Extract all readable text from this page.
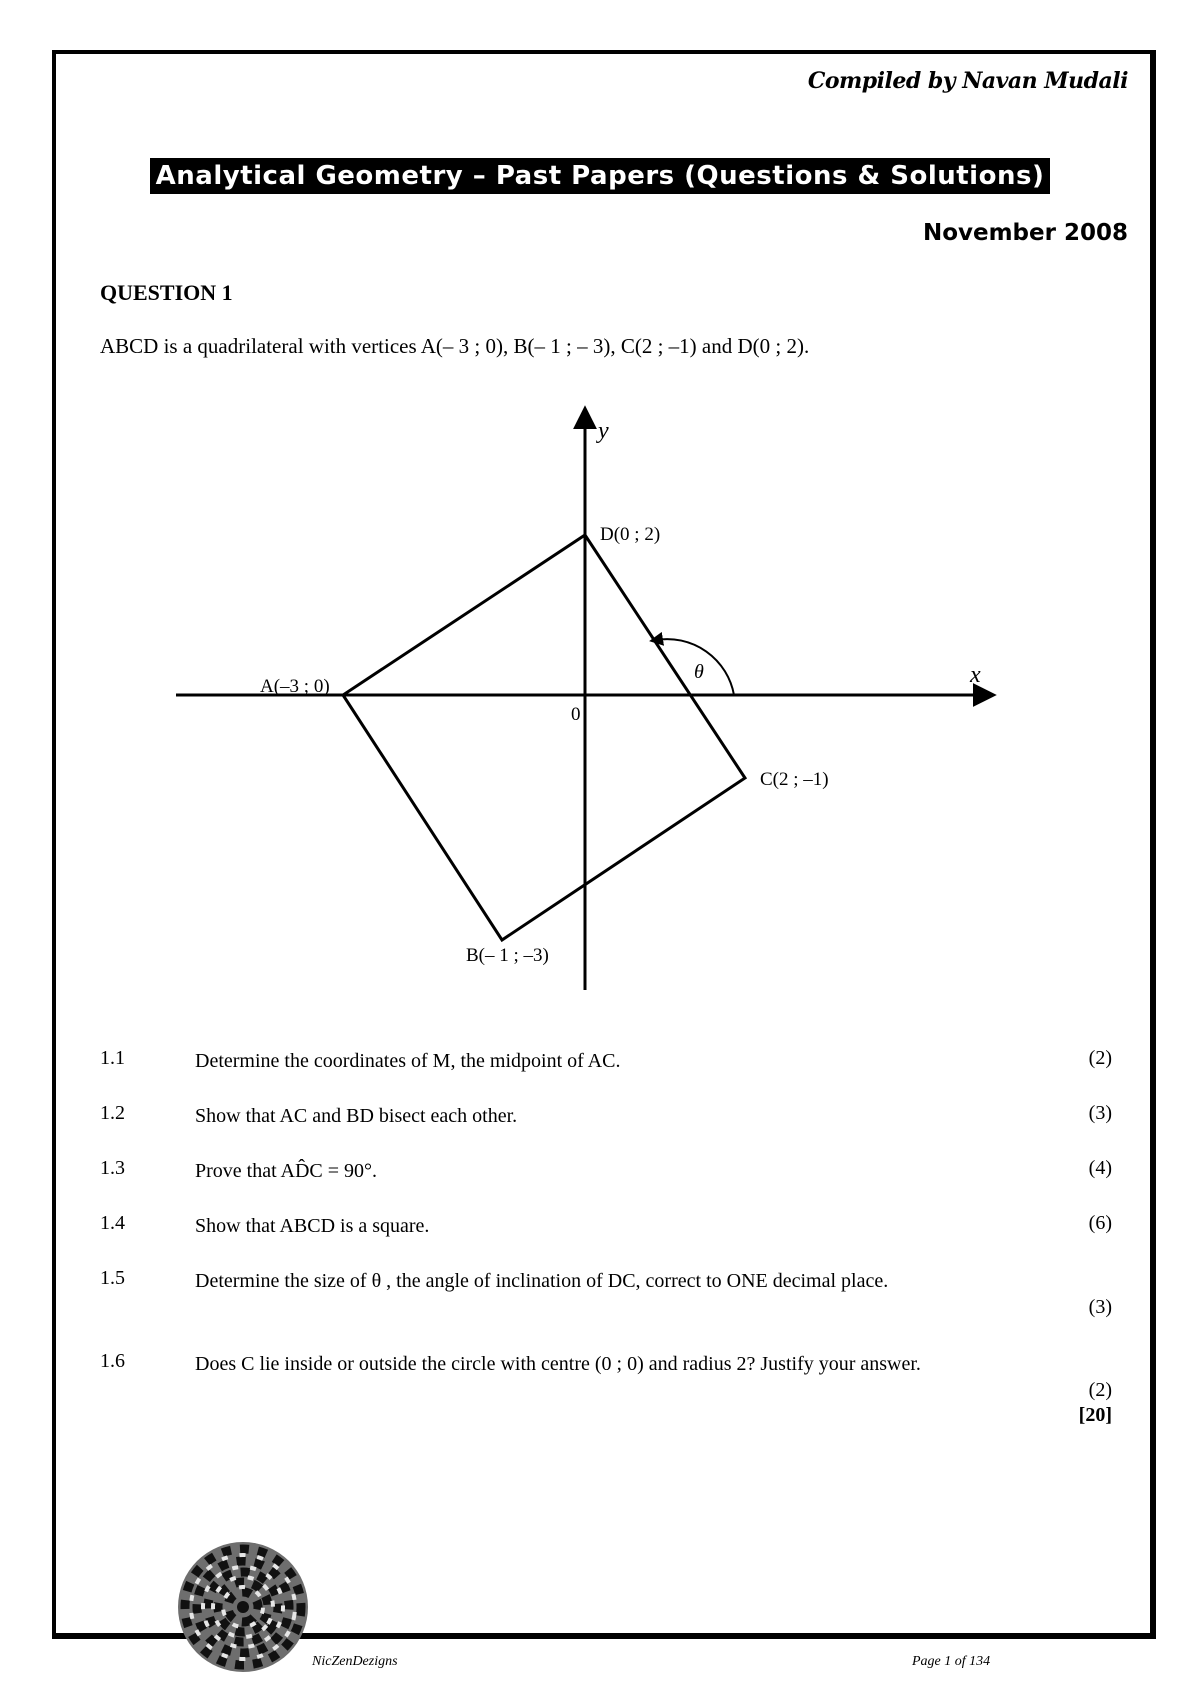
Compiled by Navan Mudali
Analytical Geometry – Past Papers (Questions & Solutions)
November 2008
QUESTION 1
ABCD is a quadrilateral with vertices A(– 3 ; 0), B(– 1 ; – 3), C(2 ; –1) and D(0 ; 2).
y
x
0
θ
A(–3 ; 0)
B(– 1 ; –3)
C(2 ; –1)
D(0 ; 2)
1.1	Determine the coordinates of M, the midpoint of AC.	(2)
1.2	Show that AC and BD bisect each other.	(3)
1.3	Prove that AD̂C = 90°.	(4)
1.4	Show that ABCD is a square.	(6)
1.5	Determine the size of θ , the angle of inclination of DC, correct to ONE decimal place.
(3)
1.6	Does C lie inside or outside the circle with centre (0 ; 0) and radius 2? Justify your answer.
(2)
[20]
NicZenDezigns	Page 1 of 134
